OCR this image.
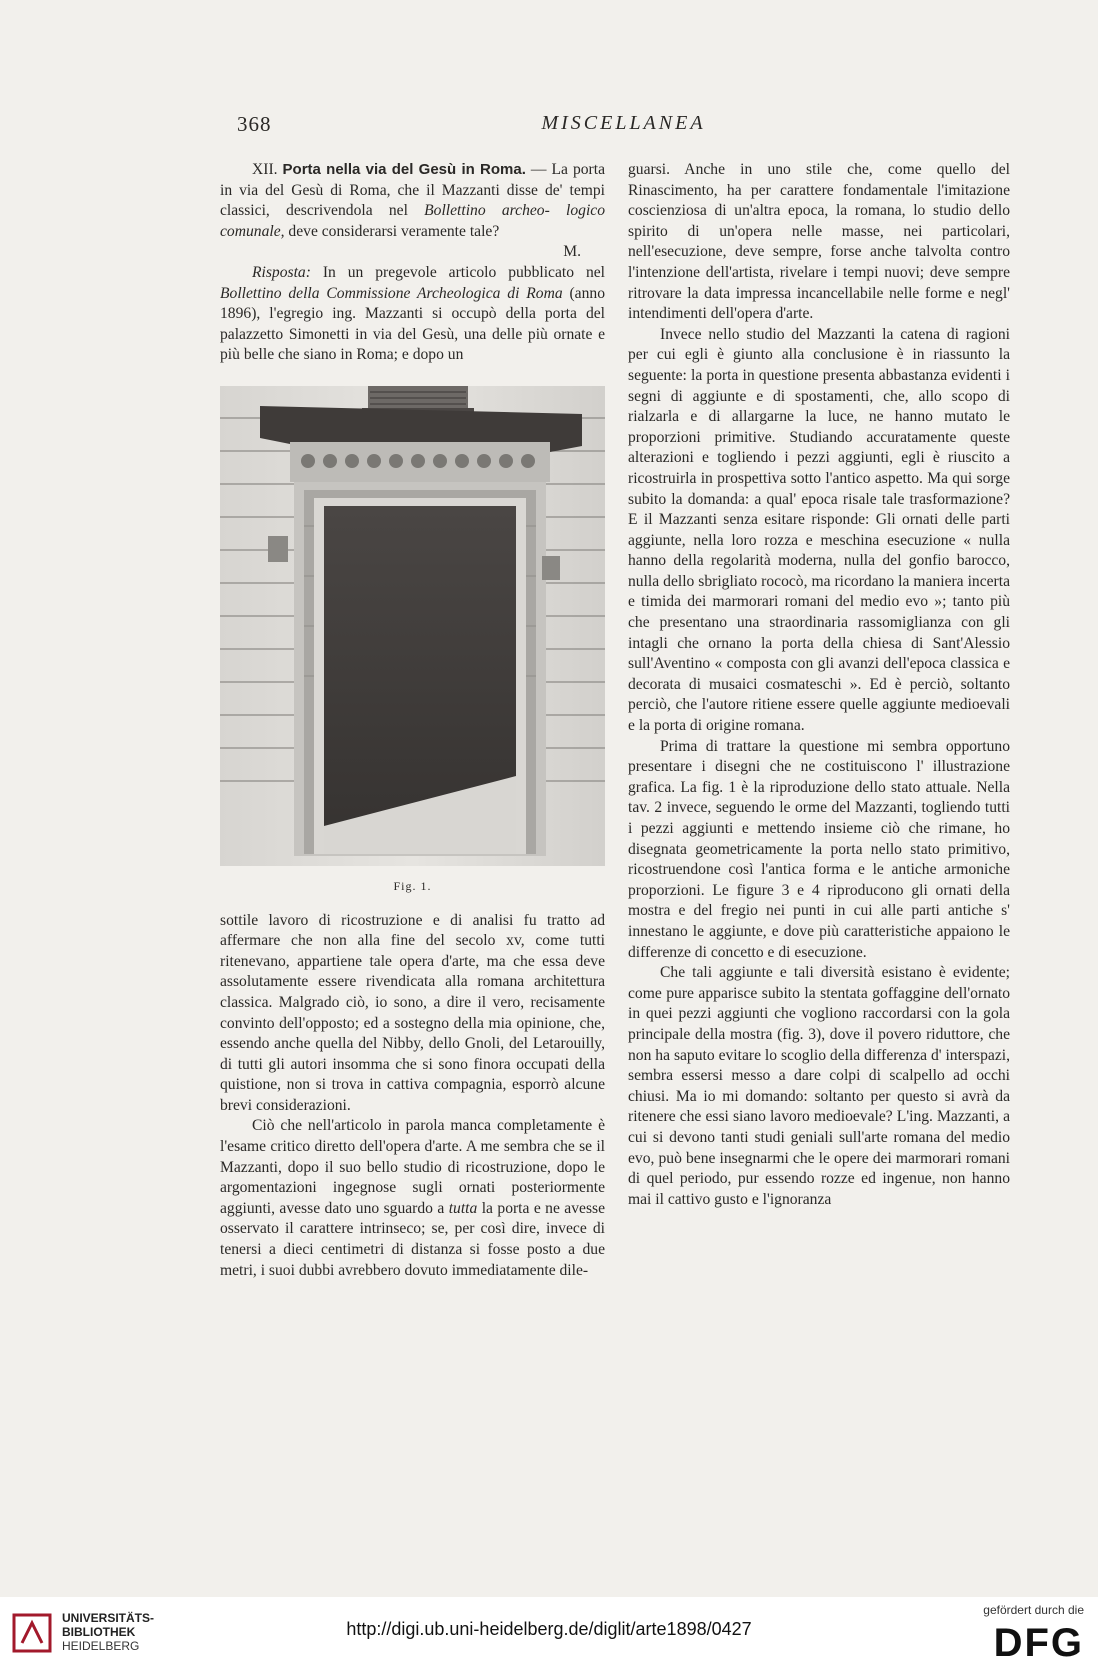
368	MISCELLANEA

XII. Porta nella via del Gesù in Roma. — La porta in via del Gesù di Roma, che il Mazzanti disse de' tempi classici, descrivendola nel Bollettino archeo- logico comunale, deve considerarsi veramente tale?

M.

Risposta: In un pregevole articolo pubblicato nel Bollettino della Commissione Archeologica di Roma (anno 1896), l'egregio ing. Mazzanti si occupò della porta del palazzetto Simonetti in via del Gesù, una delle più ornate e più belle che siano in Roma; e dopo un

Fig. 1.

sottile lavoro di ricostruzione e di analisi fu tratto ad affermare che non alla fine del secolo xv, come tutti ritenevano, appartiene tale opera d'arte, ma che essa deve assolutamente essere rivendicata alla romana architettura classica. Malgrado ciò, io sono, a dire il vero, recisamente convinto dell'opposto; ed a sostegno della mia opinione, che, essendo anche quella del Nibby, dello Gnoli, del Letarouilly, di tutti gli autori insomma che si sono finora occupati della quistione, non si trova in cattiva compagnia, esporrò alcune brevi considerazioni.

Ciò che nell'articolo in parola manca completamente è l'esame critico diretto dell'opera d'arte. A me sembra che se il Mazzanti, dopo il suo bello studio di ricostruzione, dopo le argomentazioni ingegnose sugli ornati posteriormente aggiunti, avesse dato uno sguardo a tutta la porta e ne avesse osservato il carattere intrinseco; se, per così dire, invece di tenersi a dieci centimetri di distanza si fosse posto a due metri, i suoi dubbi avrebbero dovuto immediatamente dile-

guarsi. Anche in uno stile che, come quello del Rinascimento, ha per carattere fondamentale l'imitazione coscienziosa di un'altra epoca, la romana, lo studio dello spirito di un'opera nelle masse, nei particolari, nell'esecuzione, deve sempre, forse anche talvolta contro l'intenzione dell'artista, rivelare i tempi nuovi; deve sempre ritrovare la data impressa incancellabile nelle forme e negl' intendimenti dell'opera d'arte.

Invece nello studio del Mazzanti la catena di ragioni per cui egli è giunto alla conclusione è in riassunto la seguente: la porta in questione presenta abbastanza evidenti i segni di aggiunte e di spostamenti, che, allo scopo di rialzarla e di allargarne la luce, ne hanno mutato le proporzioni primitive. Studiando accuratamente queste alterazioni e togliendo i pezzi aggiunti, egli è riuscito a ricostruirla in prospettiva sotto l'antico aspetto. Ma qui sorge subito la domanda: a qual' epoca risale tale trasformazione? E il Mazzanti senza esitare risponde: Gli ornati delle parti aggiunte, nella loro rozza e meschina esecuzione « nulla hanno della regolarità moderna, nulla del gonfio barocco, nulla dello sbrigliato rococò, ma ricordano la maniera incerta e timida dei marmorari romani del medio evo »; tanto più che presentano una straordinaria rassomiglianza con gli intagli che ornano la porta della chiesa di Sant'Alessio sull'Aventino « composta con gli avanzi dell'epoca classica e decorata di musaici cosmateschi ». Ed è perciò, soltanto perciò, che l'autore ritiene essere quelle aggiunte medioevali e la porta di origine romana.

Prima di trattare la questione mi sembra opportuno presentare i disegni che ne costituiscono l' illustrazione grafica. La fig. 1 è la riproduzione dello stato attuale. Nella tav. 2 invece, seguendo le orme del Mazzanti, togliendo tutti i pezzi aggiunti e mettendo insieme ciò che rimane, ho disegnata geometricamente la porta nello stato primitivo, ricostruendone così l'antica forma e le antiche armoniche proporzioni. Le figure 3 e 4 riproducono gli ornati della mostra e del fregio nei punti in cui alle parti antiche s' innestano le aggiunte, e dove più caratteristiche appaiono le differenze di concetto e di esecuzione.

Che tali aggiunte e tali diversità esistano è evidente; come pure apparisce subito la stentata goffaggine dell'ornato in quei pezzi aggiunti che vogliono raccordarsi con la gola principale della mostra (fig. 3), dove il povero riduttore, che non ha saputo evitare lo scoglio della differenza d' interspazi, sembra essersi messo a dare colpi di scalpello ad occhi chiusi. Ma io mi domando: soltanto per questo si avrà da ritenere che essi siano lavoro medioevale? L'ing. Mazzanti, a cui si devono tanti studi geniali sull'arte romana del medio evo, può bene insegnarmi che le opere dei marmorari romani di quel periodo, pur essendo rozze ed ingenue, non hanno mai il cattivo gusto e l'ignoranza

UNIVERSITÄTS-
BIBLIOTHEK
HEIDELBERG
http://digi.ub.uni-heidelberg.de/diglit/arte1898/0427
gefördert durch die
DFG
